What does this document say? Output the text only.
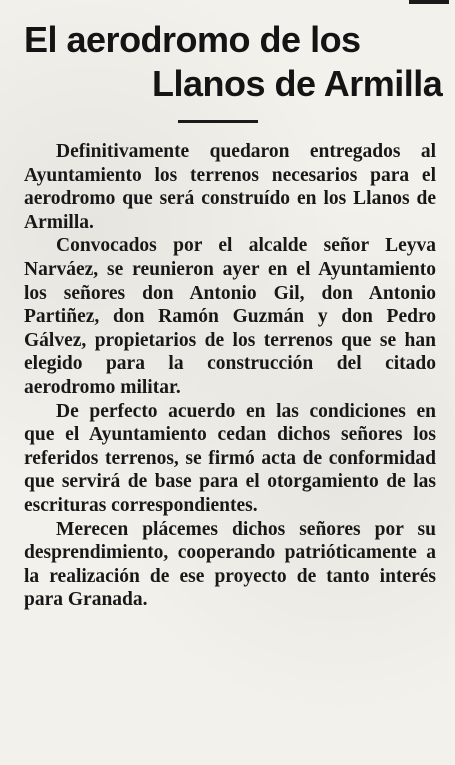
El aerodromo de los
Llanos de Armilla

Definitivamente quedaron entregados al Ayuntamiento los terrenos necesarios para el aerodromo que será construído en los Llanos de Armilla.

Convocados por el alcalde señor Leyva Narváez, se reunieron ayer en el Ayuntamiento los señores don Antonio Gil, don Antonio Partiñez, don Ramón Guzmán y don Pedro Gálvez, propietarios de los terrenos que se han elegido para la construcción del citado aerodromo militar.

De perfecto acuerdo en las condiciones en que el Ayuntamiento cedan dichos señores los referidos terrenos, se firmó acta de conformidad que servirá de base para el otorgamiento de las escrituras correspondientes.

Merecen plácemes dichos señores por su desprendimiento, cooperando patrióticamente a la realización de ese proyecto de tanto interés para Granada.
